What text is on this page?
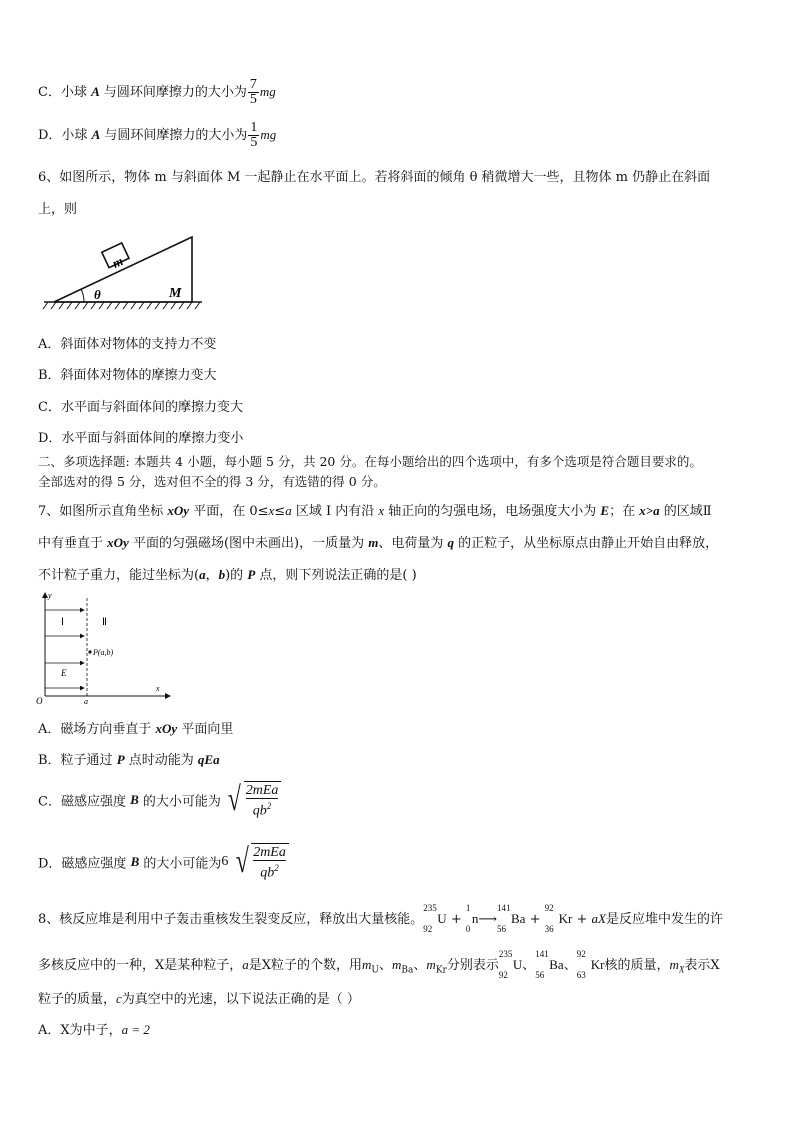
C．小球 A 与圆环间摩擦力的大小为 $\frac{7}{5}$ mg
D．小球 A 与圆环间摩擦力的大小为 $\frac{1}{5}$ mg
6、如图所示，物体 m 与斜面体 M 一起静止在水平面上。若将斜面的倾角 θ 稍微增大一些，且物体 m 仍静止在斜面
上，则
m
θ	M
A．斜面体对物体的支持力不变
B．斜面体对物体的摩擦力变大
C．水平面与斜面体间的摩擦力变大
D．水平面与斜面体间的摩擦力变小
二、多项选择题: 本题共 4 小题，每小题 5 分，共 20 分。在每小题给出的四个选项中，有多个选项是符合题目要求的。
全部选对的得 5 分，选对但不全的得 3 分，有选错的得 0 分。
7、如图所示直角坐标 xOy 平面，在 0≤x≤a 区域 Ⅰ 内有沿 x 轴正向的匀强电场，电场强度大小为 E；在 x>a 的区域Ⅱ
中有垂直于 xOy 平面的匀强磁场(图中未画出)，一质量为 m、电荷量为 q 的正粒子，从坐标原点由静止开始自由释放，
不计粒子重力，能过坐标为(a，b)的 P 点，则下列说法正确的是( )
y
Ⅰ	Ⅱ
P(a,b)
E
O	a
x
A．磁场方向垂直于 xOy 平面向里
B．粒子通过 P 点时动能为 qEa
C．磁感应强度 B 的大小可能为 √ $\frac{\text{2mEa}}{qb^2}$
D．磁感应强度 B 的大小可能为6 √ $\frac{\text{2mEa}}{qb^2}$
8、核反应堆是利用中子轰击重核发生裂变反应，释放出大量核能。
235
92
U +
1
0
n⟶
141
56
Ba +
92
36
Kr + aX是反应堆中发生的许
多核反应中的一种，X是某种粒子，a是X粒子的个数，用$m_U$、$m_{Ba}$、$m_{Kr}$分别表示
235
92
U、
141
56
Ba、
92
63
Kr核的质量，$m_X$表示X
粒子的质量，c为真空中的光速，以下说法正确的是（ ）
A．X为中子，a = 2
